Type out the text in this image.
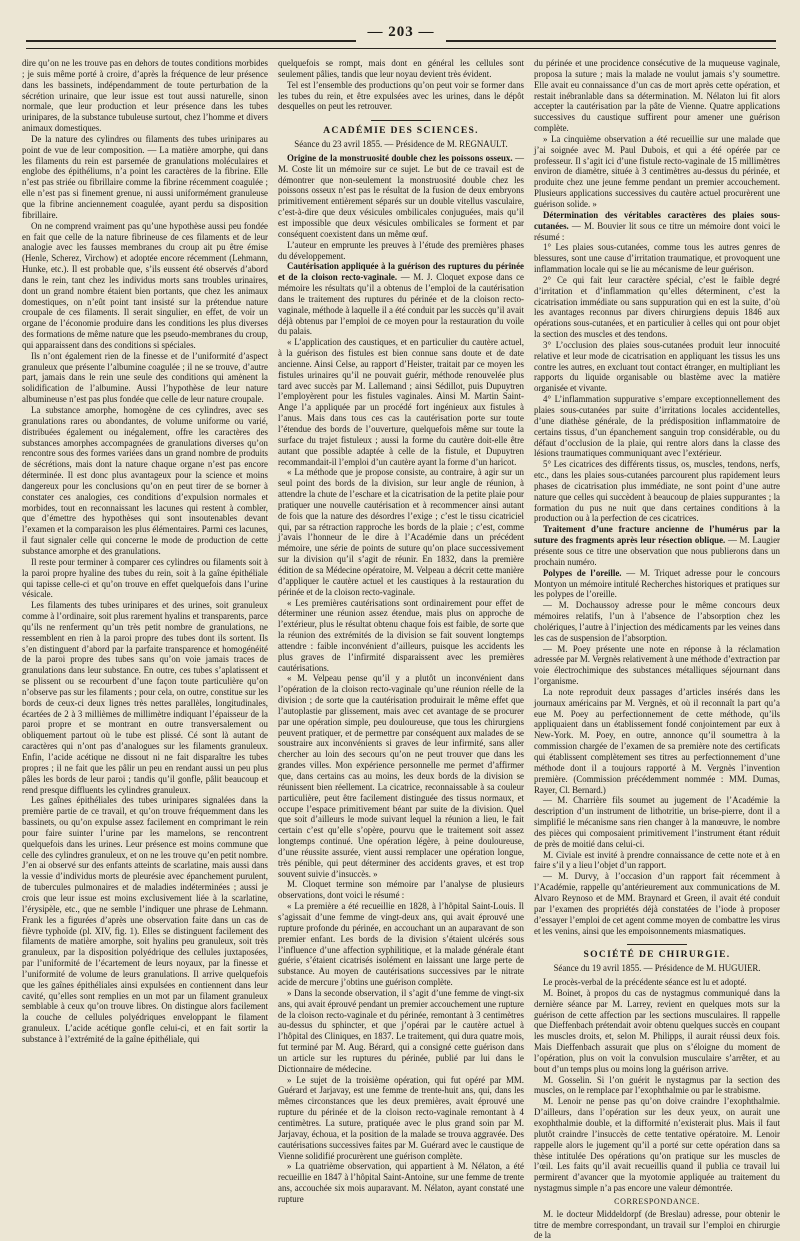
— 203 —

dire qu’on ne les trouve pas en dehors de toutes conditions morbides ; je suis même porté à croire, d’après la fréquence de leur présence dans les bassinets, indépendamment de toute perturbation de la sécrétion urinaire, que leur issue est tout aussi naturelle, sinon normale, que leur production et leur présence dans les tubes urinipares, de la substance tubuleuse surtout, chez l’homme et divers animaux domestiques.

De la nature des cylindres ou filaments des tubes urinipares au point de vue de leur composition. — La matière amorphe, qui dans les filaments du rein est parsemée de granulations moléculaires et englobe des épithéliums, n’a point les caractères de la fibrine. Elle n’est pas striée ou fibrillaire comme la fibrine récemment coagulée ; elle n’est pas si finement grenue, ni aussi uniformément granuleuse que la fibrine anciennement coagulée, ayant perdu sa disposition fibrillaire.

On ne comprend vraiment pas qu’une hypothèse aussi peu fondée en fait que celle de la nature fibrineuse de ces filaments et de leur analogie avec les fausses membranes du croup ait pu être émise (Henle, Scherez, Virchow) et adoptée encore récemment (Lehmann, Hunke, etc.). Il est probable que, s’ils eussent été observés d’abord dans le rein, tant chez les individus morts sans troubles urinaires, dont un grand nombre étaient bien portants, que chez les animaux domestiques, on n’eût point tant insisté sur la prétendue nature croupale de ces filaments. Il serait singulier, en effet, de voir un organe de l’économie produire dans les conditions les plus diverses des formations de même nature que les pseudo-membranes du croup, qui apparaissent dans des conditions si spéciales.

Ils n’ont également rien de la finesse et de l’uniformité d’aspect granuleux que présente l’albumine coagulée ; il ne se trouve, d’autre part, jamais dans le rein une seule des conditions qui amènent la solidification de l’albumine. Aussi l’hypothèse de leur nature albumineuse n’est pas plus fondée que celle de leur nature croupale.

La substance amorphe, homogène de ces cylindres, avec ses granulations rares ou abondantes, de volume uniforme ou varié, distribuées également ou inégalement, offre les caractères des substances amorphes accompagnées de granulations diverses qu’on rencontre sous des formes variées dans un grand nombre de produits de sécrétions, mais dont la nature chaque organe n’est pas encore déterminée. Il est donc plus avantageux pour la science et moins dangereux pour les conclusions qu’on en peut tirer de se borner à constater ces analogies, ces conditions d’expulsion normales et morbides, tout en reconnaissant les lacunes qui restent à combler, que d’émettre des hypothèses qui sont insoutenables devant l’examen et la comparaison les plus élémentaires. Parmi ces lacunes, il faut signaler celle qui concerne le mode de production de cette substance amorphe et des granulations.

Il reste pour terminer à comparer ces cylindres ou filaments soit à la paroi propre hyaline des tubes du rein, soit à la gaîne épithéliale qui tapisse celle-ci et qu’on trouve en effet quelquefois dans l’urine vésicale.

Les filaments des tubes urinipares et des urines, soit granuleux comme à l’ordinaire, soit plus rarement hyalins et transparents, parce qu’ils ne renferment qu’un très petit nombre de granulations, ne ressemblent en rien à la paroi propre des tubes dont ils sortent. Ils s’en distinguent d’abord par la parfaite transparence et homogénéité de la paroi propre des tubes sans qu’on voie jamais traces de granulations dans leur substance. En outre, ces tubes s’aplatissent et se plissent ou se recourbent d’une façon toute particulière qu’on n’observe pas sur les filaments ; pour cela, on outre, constitue sur les bords de ceux-ci deux lignes très nettes parallèles, longitudinales, écartées de 2 à 3 millièmes de millimètre indiquant l’épaisseur de la paroi propre et se montrant en outre transversalement ou obliquement partout où le tube est plissé. Cé sont là autant de caractères qui n’ont pas d’analogues sur les filaments granuleux. Enfin, l’acide acétique ne dissout ni ne fait disparaître les tubes propres ; il ne fait que les pâlir un peu en rendant aussi un peu plus pâles les bords de leur paroi ; tandis qu’il gonfle, pâlit beaucoup et rend presque diffluents les cylindres granuleux.

Les gaînes épithéliales des tubes urinipares signalées dans la première partie de ce travail, et qu’on trouve fréquemment dans les bassinets, ou qu’on expulse assez facilement en comprimant le rein pour faire suinter l’urine par les mamelons, se rencontrent quelquefois dans les urines. Leur présence est moins commune que celle des cylindres granuleux, et on ne les trouve qu’en petit nombre. J’en ai observé sur des enfants atteints de scarlatine, mais aussi dans la vessie d’individus morts de pleurésie avec épanchement purulent, de tubercules pulmonaires et de maladies indéterminées ; aussi je crois que leur issue est moins exclusivement liée à la scarlatine, l’érysipèle, etc., que ne semble l’indiquer une phrase de Lehmann. Frank les a figurées d’après une observation faite dans un cas de fièvre typhoïde (pl. XIV, fig. 1). Elles se distinguent facilement des filaments de matière amorphe, soit hyalins peu granuleux, soit très granuleux, par la disposition polyédrique des cellules juxtaposées, par l’uniformité de l’écartement de leurs noyaux, par la finesse et l’uniformité de volume de leurs granulations. Il arrive quelquefois que les gaînes épithéliales ainsi expulsées en contiennent dans leur cavité, qu’elles sont remplies en un mot par un filament granuleux semblable à ceux qu’on trouve libres. On distingue alors facilement la couche de cellules polyédriques enveloppant le filament granuleux. L’acide acétique gonfle celui-ci, et en fait sortir la substance à l’extrémité de la gaîne épithéliale, qui

quelquefois se rompt, mais dont en général les cellules sont seulement pâlies, tandis que leur noyau devient très évident.

Tel est l’ensemble des productions qu’on peut voir se former dans les tubes du rein, et être expulsées avec les urines, dans le dépôt desquelles on peut les retrouver.

ACADÉMIE DES SCIENCES.

Séance du 23 avril 1855. — Présidence de M. REGNAULT.

Origine de la monstruosité double chez les poissons osseux. — M. Coste lit un mémoire sur ce sujet. Le but de ce travail est de démontrer que non-seulement la monstruosité double chez les poissons osseux n’est pas le résultat de la fusion de deux embryons primitivement entièrement séparés sur un double vitellus vasculaire, c’est-à-dire que deux vésicules ombilicales conjuguées, mais qu’il est impossible que deux vésicules ombilicales se forment et par conséquent coexistent dans un même œuf.

L’auteur en emprunte les preuves à l’étude des premières phases du développement.

Cautérisation appliquée à la guérison des ruptures du périnée et de la cloison recto-vaginale. — M. J. Cloquet expose dans ce mémoire les résultats qu’il a obtenus de l’emploi de la cautérisation dans le traitement des ruptures du périnée et de la cloison recto-vaginale, méthode à laquelle il a été conduit par les succès qu’il avait déjà obtenus par l’emploi de ce moyen pour la restauration du voile du palais.

« L’application des caustiques, et en particulier du cautère actuel, à la guérison des fistules est bien connue sans doute et de date ancienne. Ainsi Celse, au rapport d’Heister, traitait par ce moyen les fistules urinaires qu’il ne pouvait guérir, méthode renouvelée plus tard avec succès par M. Lallemand ; ainsi Sédillot, puis Dupuytren l’employèrent pour les fistules vaginales. Ainsi M. Martin Saint-Ange l’a appliquée par un procédé fort ingénieux aux fistules à l’anus. Mais dans tous ces cas la cautérisation porte sur toute l’étendue des bords de l’ouverture, quelquefois même sur toute la surface du trajet fistuleux ; aussi la forme du cautère doit-elle être autant que possible adaptée à celle de la fistule, et Dupuytren recommandait-il l’emploi d’un cautère ayant la forme d’un haricot.

« La méthode que je propose consiste, au contraire, à agir sur un seul point des bords de la division, sur leur angle de réunion, à attendre la chute de l’eschare et la cicatrisation de la petite plaie pour pratiquer une nouvelle cautérisation et à recommencer ainsi autant de fois que la nature des désordres l’exige ; c’est le tissu cicatriciel qui, par sa rétraction rapproche les bords de la plaie ; c’est, comme j’avais l’honneur de le dire à l’Académie dans un précédent mémoire, une série de points de suture qu’on place successivement sur la division qu’il s’agit de réunir. En 1832, dans la première édition de sa Médecine opératoire, M. Velpeau a décrit cette manière d’appliquer le cautère actuel et les caustiques à la restauration du périnée et de la cloison recto-vaginale.

« Les premières cautérisations sont ordinairement pour effet de déterminer une réunion assez étendue, mais plus on approche de l’extérieur, plus le résultat obtenu chaque fois est faible, de sorte que la réunion des extrémités de la division se fait souvent longtemps attendre : faible inconvénient d’ailleurs, puisque les accidents les plus graves de l’infirmité disparaissent avec les premières cautérisations.

« M. Velpeau pense qu’il y a plutôt un inconvénient dans l’opération de la cloison recto-vaginale qu’une réunion réelle de la division ; de sorte que la cautérisation produirait le même effet que l’autoplastie par glissement, mais avec cet avantage de se procurer par une opération simple, peu douloureuse, que tous les chirurgiens peuvent pratiquer, et de permettre par conséquent aux malades de se soustraire aux inconvénients si graves de leur infirmité, sans aller chercher au loin des secours qu’on ne peut trouver que dans les grandes villes. Mon expérience personnelle me permet d’affirmer que, dans certains cas au moins, les deux bords de la division se réunissent bien réellement. La cicatrice, reconnaissable à sa couleur particulière, peut être facilement distinguée des tissus normaux, et occupe l’espace primitivement béant par suite de la division. Quel que soit d’ailleurs le mode suivant lequel la réunion a lieu, le fait certain c’est qu’elle s’opère, pourvu que le traitement soit assez longtemps continué. Une opération légère, à peine douloureuse, d’une réussite assurée, vient aussi remplacer une opération longue, très pénible, qui peut déterminer des accidents graves, et est trop souvent suivie d’insuccès. »

M. Cloquet termine son mémoire par l’analyse de plusieurs observations, dont voici le résumé :

« La première a été recueillie en 1828, à l’hôpital Saint-Louis. Il s’agissait d’une femme de vingt-deux ans, qui avait éprouvé une rupture profonde du périnée, en accouchant un an auparavant de son premier enfant. Les bords de la division s’étaient ulcérés sous l’influence d’une affection syphilitique, et la malade générale étant guérie, s’étaient cicatrisés isolément en laissant une large perte de substance. Au moyen de cautérisations successives par le nitrate acide de mercure j’obtins une guérison complète.

» Dans la seconde observation, il s’agit d’une femme de vingt-six ans, qui avait éprouvé pendant un premier accouchement une rupture de la cloison recto-vaginale et du périnée, remontant à 3 centimètres au-dessus du sphincter, et que j’opérai par le cautère actuel à l’hôpital des Cliniques, en 1837. Le traitement, qui dura quatre mois, fut terminé par M. Aug. Bérard, qui a consigné cette guérison dans un article sur les ruptures du périnée, publié par lui dans le Dictionnaire de médecine.

» Le sujet de la troisième opération, qui fut opéré par MM. Guérard et Jarjavay, est une femme de trente-huit ans, qui, dans les mêmes circonstances que les deux premières, avait éprouvé une rupture du périnée et de la cloison recto-vaginale remontant à 4 centimètres. La suture, pratiquée avec le plus grand soin par M. Jarjavay, échoua, et la position de la malade se trouva aggravée. Des cautérisations successives faites par M. Guérard avec le caustique de Vienne solidifié procurèrent une guérison complète.

» La quatrième observation, qui appartient à M. Nélaton, a été recueillie en 1847 à l’hôpital Saint-Antoine, sur une femme de trente ans, accouchée six mois auparavant. M. Nélaton, ayant constaté une rupture

du périnée et une procidence consécutive de la muqueuse vaginale, proposa la suture ; mais la malade ne voulut jamais s’y soumettre. Elle avait eu connaissance d’un cas de mort après cette opération, et restait inébranlable dans sa détermination. M. Nélaton lui fit alors accepter la cautérisation par la pâte de Vienne. Quatre applications successives du caustique suffirent pour amener une guérison complète.

» La cinquième observation a été recueillie sur une malade que j’ai soignée avec M. Paul Dubois, et qui a été opérée par ce professeur. Il s’agit ici d’une fistule recto-vaginale de 15 millimètres environ de diamètre, située à 3 centimètres au-dessus du périnée, et produite chez une jeune femme pendant un premier accouchement. Plusieurs applications successives du cautère actuel procurèrent une guérison solide. »

Détermination des véritables caractères des plaies sous-cutanées. — M. Bouvier lit sous ce titre un mémoire dont voici le résumé :

1° Les plaies sous-cutanées, comme tous les autres genres de blessures, sont une cause d’irritation traumatique, et provoquent une inflammation locale qui se lie au mécanisme de leur guérison.

2° Ce qui fait leur caractère spécial, c’est le faible degré d’irritation et d’inflammation qu’elles déterminent, c’est la cicatrisation immédiate ou sans suppuration qui en est la suite, d’où les avantages reconnus par divers chirurgiens depuis 1846 aux opérations sous-cutanées, et en particulier à celles qui ont pour objet la section des muscles et des tendons.

3° L’occlusion des plaies sous-cutanées produit leur innocuité relative et leur mode de cicatrisation en appliquant les tissus les uns contre les autres, en excluant tout contact étranger, en multipliant les rapports du liquide organisable ou blastème avec la matière organisée et vivante.

4° L’inflammation suppurative s’empare exceptionnellement des plaies sous-cutanées par suite d’irritations locales accidentelles, d’une diathèse générale, de la prédisposition inflammatoire de certains tissus, d’un épanchement sanguin trop considérable, ou du défaut d’occlusion de la plaie, qui rentre alors dans la classe des lésions traumatiques communiquant avec l’extérieur.

5° Les cicatrices des différents tissus, os, muscles, tendons, nerfs, etc., dans les plaies sous-cutanées parcourent plus rapidement leurs phases de cicatrisation plus immédiate, ne sont point d’une autre nature que celles qui succèdent à beaucoup de plaies suppurantes ; la formation du pus ne nuit que dans certaines conditions à la production ou à la perfection de ces cicatrices.

Traitement d’une fracture ancienne de l’humérus par la suture des fragments après leur résection oblique. — M. Laugier présente sous ce titre une observation que nous publierons dans un prochain numéro.

Polypes de l’oreille. — M. Triquet adresse pour le concours Montyon un mémoire intitulé Recherches historiques et pratiques sur les polypes de l’oreille.

— M. Dochaussoy adresse pour le même concours deux mémoires relatifs, l’un à l’absence de l’absorption chez les cholériques, l’autre à l’injection des médicaments par les veines dans les cas de suspension de l’absorption.

— M. Poey présente une note en réponse à la réclamation adressée par M. Vergnès relativement à une méthode d’extraction par voie électrochimique des substances métalliques séjournant dans l’organisme.

La note reproduit deux passages d’articles insérés dans les journaux américains par M. Vergnès, et où il reconnaît la part qu’a eue M. Poey au perfectionnement de cette méthode, qu’ils appliquaient dans un établissement fondé conjointement par eux à New-York. M. Poey, en outre, annonce qu’il soumettra à la commission chargée de l’examen de sa première note des certificats qui établissent complètement ses titres au perfectionnement d’une méthode dont il a toujours rapporté à M. Vergnès l’invention première. (Commission précédemment nommée : MM. Dumas, Rayer, Cl. Bernard.)

— M. Charrière fils soumet au jugement de l’Académie la description d’un instrument de lithotritie, un brise-pierre, dont il a simplifié le mécanisme sans rien changer à la manœuvre, le nombre des pièces qui composaient primitivement l’instrument étant réduit de près de moitié dans celui-ci.

M. Civiale est invité à prendre connaissance de cette note et à en faire s’il y a lieu l’objet d’un rapport.

— M. Durvy, à l’occasion d’un rapport fait récemment à l’Académie, rappelle qu’antérieurement aux communications de M. Alvaro Reynoso et de MM. Braynard et Green, il avait été conduit par l’examen des propriétés déjà constatées de l’iode à proposer d’essayer l’emploi de cet agent comme moyen de combattre les virus et les venins, ainsi que les empoisonnements miasmatiques.

SOCIÉTÉ DE CHIRURGIE.

Séance du 19 avril 1855. — Présidence de M. HUGUIER.

Le procès-verbal de la précédente séance est lu et adopté.

M. Boinet, à propos du cas de nystagmus communiqué dans la dernière séance par M. Larrey, revient en quelques mots sur la guérison de cette affection par les sections musculaires. Il rappelle que Dieffenbach prétendait avoir obtenu quelques succès en coupant les muscles droits, et, selon M. Philipps, il aurait réussi deux fois. Mais Dieffenbach assurait que plus on s’éloigne du moment de l’opération, plus on voit la convulsion musculaire s’arrêter, et au bout d’un temps plus ou moins long la guérison arrive.

M. Gosselin. Si l’on guérit le nystagmus par la section des muscles, on le remplace par l’exophthalmie ou par le strabisme.

M. Lenoir ne pense pas qu’on doive craindre l’exophthalmie. D’ailleurs, dans l’opération sur les deux yeux, on aurait une exophthalmie double, et la difformité n’existerait plus. Mais il faut plutôt craindre l’insuccès de cette tentative opératoire. M. Lenoir rappelle alors le jugement qu’il a porté sur cette opération dans sa thèse intitulée Des opérations qu’on pratique sur les muscles de l’œil. Les faits qu’il avait recueillis quand il publia ce travail lui permirent d’avancer que la myotomie appliquée au traitement du nystagmus simple n’a pas encore une valeur démontrée.

CORRESPONDANCE.

M. le docteur Middeldorpf (de Breslau) adresse, pour obtenir le titre de membre correspondant, un travail sur l’emploi en chirurgie de la
